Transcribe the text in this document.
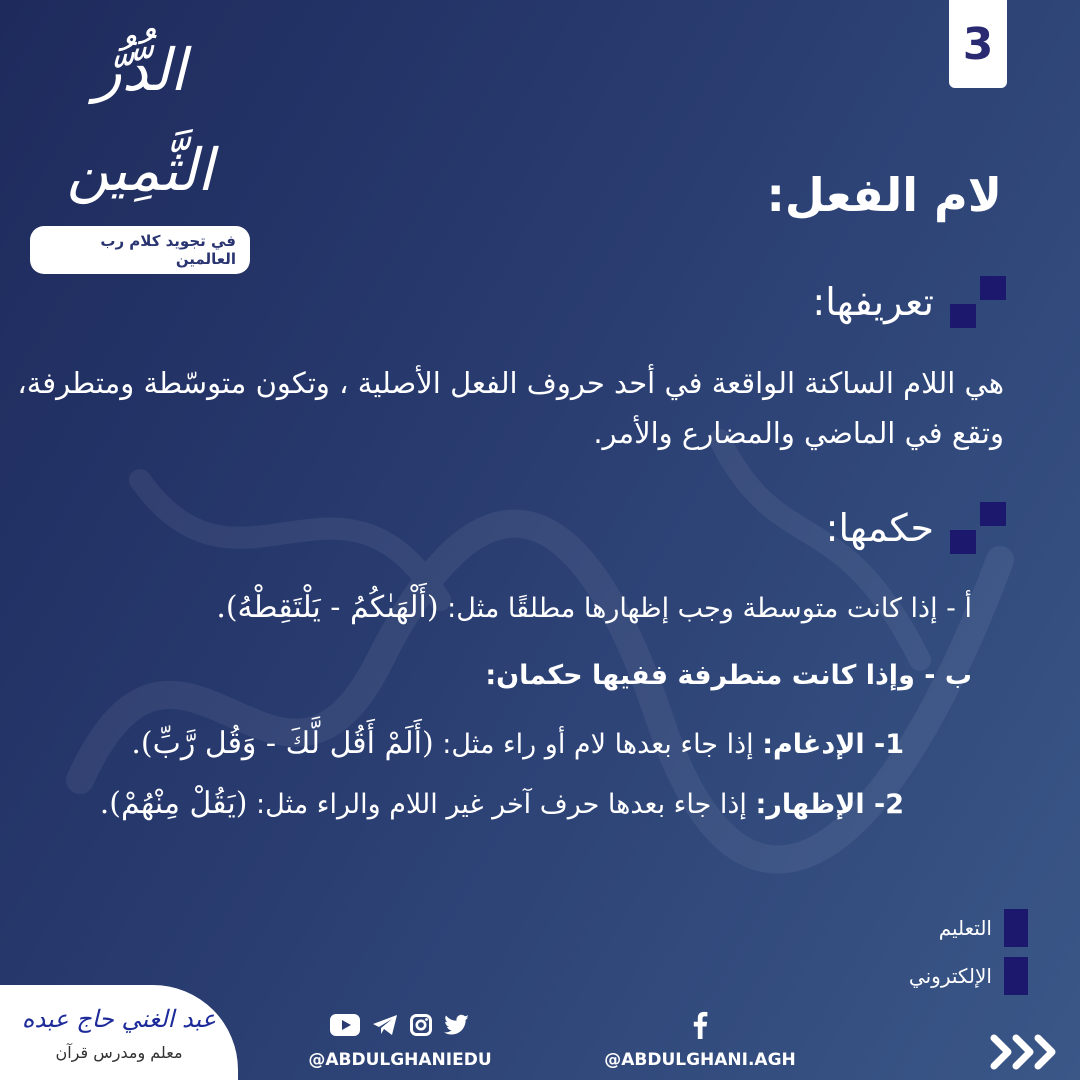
3
الدُّرُّ الثَّمِين
في تجويد كلام رب العالمين
لام الفعل:
تعريفها:

هي اللام الساكنة الواقعة في أحد حروف الفعل الأصلية ، وتكون متوسّطة ومتطرفة، وتقع في الماضي والمضارع والأمر.

حكمها:

أ - إذا كانت متوسطة وجب إظهارها مطلقًا مثل: (أَلْهَىٰكُمُ - يَلْتَقِطْهُ).

ب - وإذا كانت متطرفة ففيها حكمان:

1- الإدغام: إذا جاء بعدها لام أو راء مثل: (أَلَمْ أَقُل لَّكَ - وَقُل رَّبِّ).

2- الإظهار: إذا جاء بعدها حرف آخر غير اللام والراء مثل: (يَقُلْ مِنْهُمْ).

التعليم
الإلكتروني
عبد الغني حاج عبده
معلم ومدرس قرآن	@ABDULGHANIEDU	@ABDULGHANI.AGH
